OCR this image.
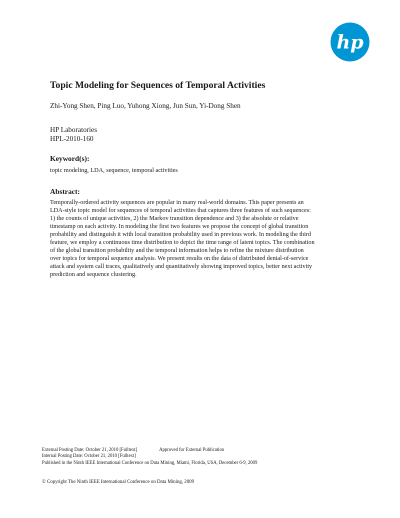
hp
Topic Modeling for Sequences of Temporal Activities
Zhi-Yong Shen, Ping Luo, Yuhong Xiong, Jun Sun, Yi-Dong Shen
HP Laboratories
HPL-2010-160
Keyword(s):
topic modeling, LDA, sequence, temporal activities
Abstract:
Temporally-ordered activity sequences are popular in many real-world domains. This paper presents an
LDA-style topic model for sequences of temporal activities that captures three features of such sequences:
1) the counts of unique activities, 2) the Markov transition dependence and 3) the absolute or relative
timestamp on each activity. In modeling the first two features we propose the concept of global transition
probability and distinguish it with local transition probability used in previous work. In modeling the third
feature, we employ a continuous time distribution to depict the time range of latent topics. The combination
of the global transition probability and the temporal information helps to refine the mixture distribution
over topics for temporal sequence analysis. We present results on the data of distributed denial-of-service
attack and system call traces, qualitatively and quantitatively showing improved topics, better next activity
prediction and sequence clustering.
External Posting Date: October 21, 2010 [Fulltext]	Approved for External Publication
Internal Posting Date: October 21, 2010 [Fulltext]
Published in the Ninth IEEE International Conference on Data Mining, Miami, Florida, USA, December 6-9, 2009
© Copyright The Ninth IEEE International Conference on Data Mining, 2009
